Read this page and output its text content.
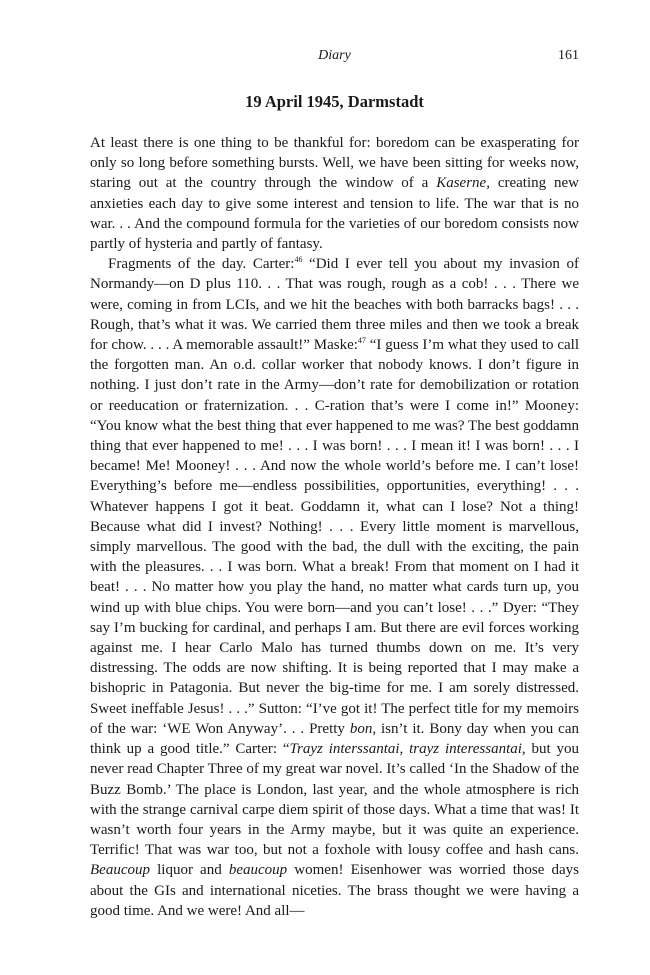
Diary	161
19 April 1945, Darmstadt

At least there is one thing to be thankful for: boredom can be exasperating for only so long before something bursts. Well, we have been sitting for weeks now, staring out at the country through the window of a Kaserne, creating new anxieties each day to give some interest and tension to life. The war that is no war. . . And the compound formula for the varieties of our boredom consists now partly of hysteria and partly of fantasy.

Fragments of the day. Carter:$^{46}$ “Did I ever tell you about my invasion of Normandy—on D plus 110. . . That was rough, rough as a cob! . . . There we were, coming in from LCIs, and we hit the beaches with both barracks bags! . . . Rough, that’s what it was. We carried them three miles and then we took a break for chow. . . . A memorable assault!” Maske:$^{47}$ “I guess I’m what they used to call the forgotten man. An o.d. collar worker that nobody knows. I don’t figure in nothing. I just don’t rate in the Army—don’t rate for demobilization or rotation or reeducation or fraternization. . . C-ration that’s were I come in!” Mooney: “You know what the best thing that ever happened to me was? The best goddamn thing that ever happened to me! . . . I was born! . . . I mean it! I was born! . . . I became! Me! Mooney! . . . And now the whole world’s before me. I can’t lose! Everything’s before me—endless possibilities, opportunities, everything! . . . Whatever happens I got it beat. Goddamn it, what can I lose? Not a thing! Because what did I invest? Nothing! . . . Every little moment is marvellous, simply marvellous. The good with the bad, the dull with the exciting, the pain with the pleasures. . . I was born. What a break! From that moment on I had it beat! . . . No matter how you play the hand, no matter what cards turn up, you wind up with blue chips. You were born—and you can’t lose! . . .” Dyer: “They say I’m bucking for cardinal, and perhaps I am. But there are evil forces working against me. I hear Carlo Malo has turned thumbs down on me. It’s very distressing. The odds are now shifting. It is being reported that I may make a bishopric in Patagonia. But never the big-time for me. I am sorely distressed. Sweet ineffable Jesus! . . .” Sutton: “I’ve got it! The perfect title for my memoirs of the war: ‘WE Won Anyway’. . . Pretty bon, isn’t it. Bony day when you can think up a good title.” Carter: “Trayz interssantai, trayz interessantai, but you never read Chapter Three of my great war novel. It’s called ‘In the Shadow of the Buzz Bomb.’ The place is London, last year, and the whole atmosphere is rich with the strange carnival carpe diem spirit of those days. What a time that was! It wasn’t worth four years in the Army maybe, but it was quite an experience. Terrific! That was war too, but not a foxhole with lousy coffee and hash cans. Beaucoup liquor and beaucoup women! Eisenhower was worried those days about the GIs and international niceties. The brass thought we were having a good time. And we were! And all—
